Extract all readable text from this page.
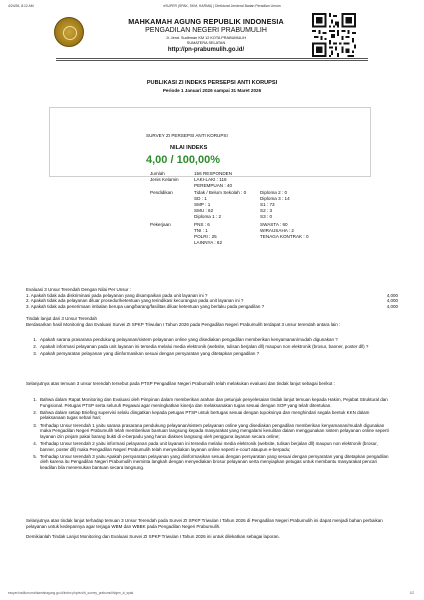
4/24/26, 8:12 AM	eSUPER (SPAK, SKM, HARMA) | Direktorat Jenderal Badan Peradilan Umum
MAHKAMAH AGUNG REPUBLIK INDONESIA
PENGADILAN NEGERI PRABUMULIH
Jl. Jend. Sudirman KM 12 KOTA PRABUMULIH
SUMATERA SELATAN
http://pn-prabumulih.go.id/
PUBLIKASI ZI INDEKS PERSEPSI ANTI KORUPSI
Periode 1 Januari 2026 sampai 31 Maret 2026
SURVEY ZI PERSEPSI ANTI KORUPSI
NILAI INDEKS
4,00 / 100,00%
Jumlah	156 RESPONDEN
Jenis Kelamin	LAKI-LAKI : 116
PEREMPUAN : 40
Pendidikan	Tidak / Belum Sekolah : 0	Diploma 2 : 0
SD : 1	Diploma 3 : 14
SMP : 1	S1 : 73
SMU : 62	S2 : 3
Diploma 1 : 2	S3 : 0
Pekerjaan	PNS : 6	SWASTA : 60
TNI : 1	WIRAUSAHA : 2
POLRI : 25	TENAGA KONTRAK : 0
LAINNYA : 62
Evaluasi 3 Unsur Terendah Dengan Nilai Per Unsur :
1. Apakah tidak ada diskriminasi pada pelayanan yang disampaikan pada unit layanan ini ?	4,000
2. Apakah tidak ada pelayanan diluar prosedur/ketentuan yang terindikasi kecurangan pada unit layanan ini ?	4,000
3. Apakah tidak ada penerimaan imbalan berupa uang/barang/fasilitas diluar ketentuan yang berlaku pada pengadilan ?	4,000
Tindak lanjut dari 3 Unsur Terendah
Berdasarkan hasil Monitoring dan Evaluasi Survei ZI SPKP Triwulan I Tahun 2026 pada Pengadilan Negeri Prabumulih terdapat 3 unsur terendah antara lain :
1. Apakah sarana prasarana pendukung pelayanan/sistem pelayanan online yang disediakan pengadilan memberikan kenyamanan/mudah digunakan ?
2. Apakah informasi pelayanan pada unit layanan ini tersedia melalui media elektronik (website, tulisan berjalan dll) maupun non elektronik (brosur, banner, poster dll) ?
3. Apakah persyaratan pelayanan yang diinformasikan sesuai dengan persyaratan yang ditetapkan pengadilan ?
Selanjutnya atas temuan 3 unsur terendah tersebut pada PTSP Pengadilan Negeri Prabumulih telah melakukan evaluasi dan tindak lanjut sebagai berikut :
1. Bahwa dalam Rapat Monitoring dan Evaluasi oleh Pimpinan dalam memberikan arahan dan petunjuk penyelesaian tindak lanjut temuan kepada Hakim, Pejabat Struktural dan Fungsional. Petugas PTSP serta seluruh Pegawai agar meningkatkan kinerja dan melaksanakan tugas sesuai dengan SOP yang telah ditentukan.
2. Bahwa dalam setiap Briefing supervisi selalu diingatkan kepada petugas PTSP untuk bertugas sesuai dengan tupoksinya dan menghindari segala bentuk KKN dalam pelaksanaan tugas sehari hari;
3. Terhadap Unsur terendah 1 yaitu sarana prasarana pendukung pelayanan/sistem pelayanan online yang disediakan pengadilan memberikan kenyamanan/mudah digunakan maka Pengadilan Negeri Prabumulih telah memberikan bantuan langsung kepada masyarakat yang mengalami kesulitan dalam menggunakan sistem pelayanan online seperti layanan izin pinjam pakai barang bukti di e-berpadu yang harus diakses langsung oleh pengguna layanan secara online;
4. Terhadap Unsur terendah 2 yaitu informasi pelayanan pada unit layanan ini tersedia melalui media elektronik (website, tulisan berjalan dll) maupun non elektronik (brosur, banner, poster dll) maka Pengadilan Negeri Prabumulih telah menyediakan layanan online seperti e-court ataupun e-berpadu;
5. Terhadap Unsur terendah 3 yaitu Apakah persyaratan pelayanan yang diinformasikan sesuai dengan persyaratan yang sesuai dengan persyaratan yang ditetapkan pengadilan oleh karena itu Pengadilan Negeri Prabumulih meminta langkah dengan menyediakan brosur pelayanan serta menyiapkan petugas untuk membantu masyarakat pencari keadilan bila menemukan bantuan secara langsung.
Selanjutnya atas tindak lanjut terhadap temuan 3 Unsur Terendah pada Survei ZI SPKP Triwulan I Tahun 2026 di Pengadilan Negeri Prabumulih ini dapat menjadi bahan perbaikan pelayanan untuk kedepannya agar terjaga WBM dan WBBK pada Pengadilan Negeri Prabumulih.
Demikianlah Tindak Lanjut Monitoring dan Evaluasi Survei ZI SPKP Triwulan I Tahun 2026 ini untuk dilekatkan sebagai laporan.
esuper.badilum.mahkamahagung.go.id/index.php/ezi/zi_survey_prabumulih/gen_zi_spak	1/2
